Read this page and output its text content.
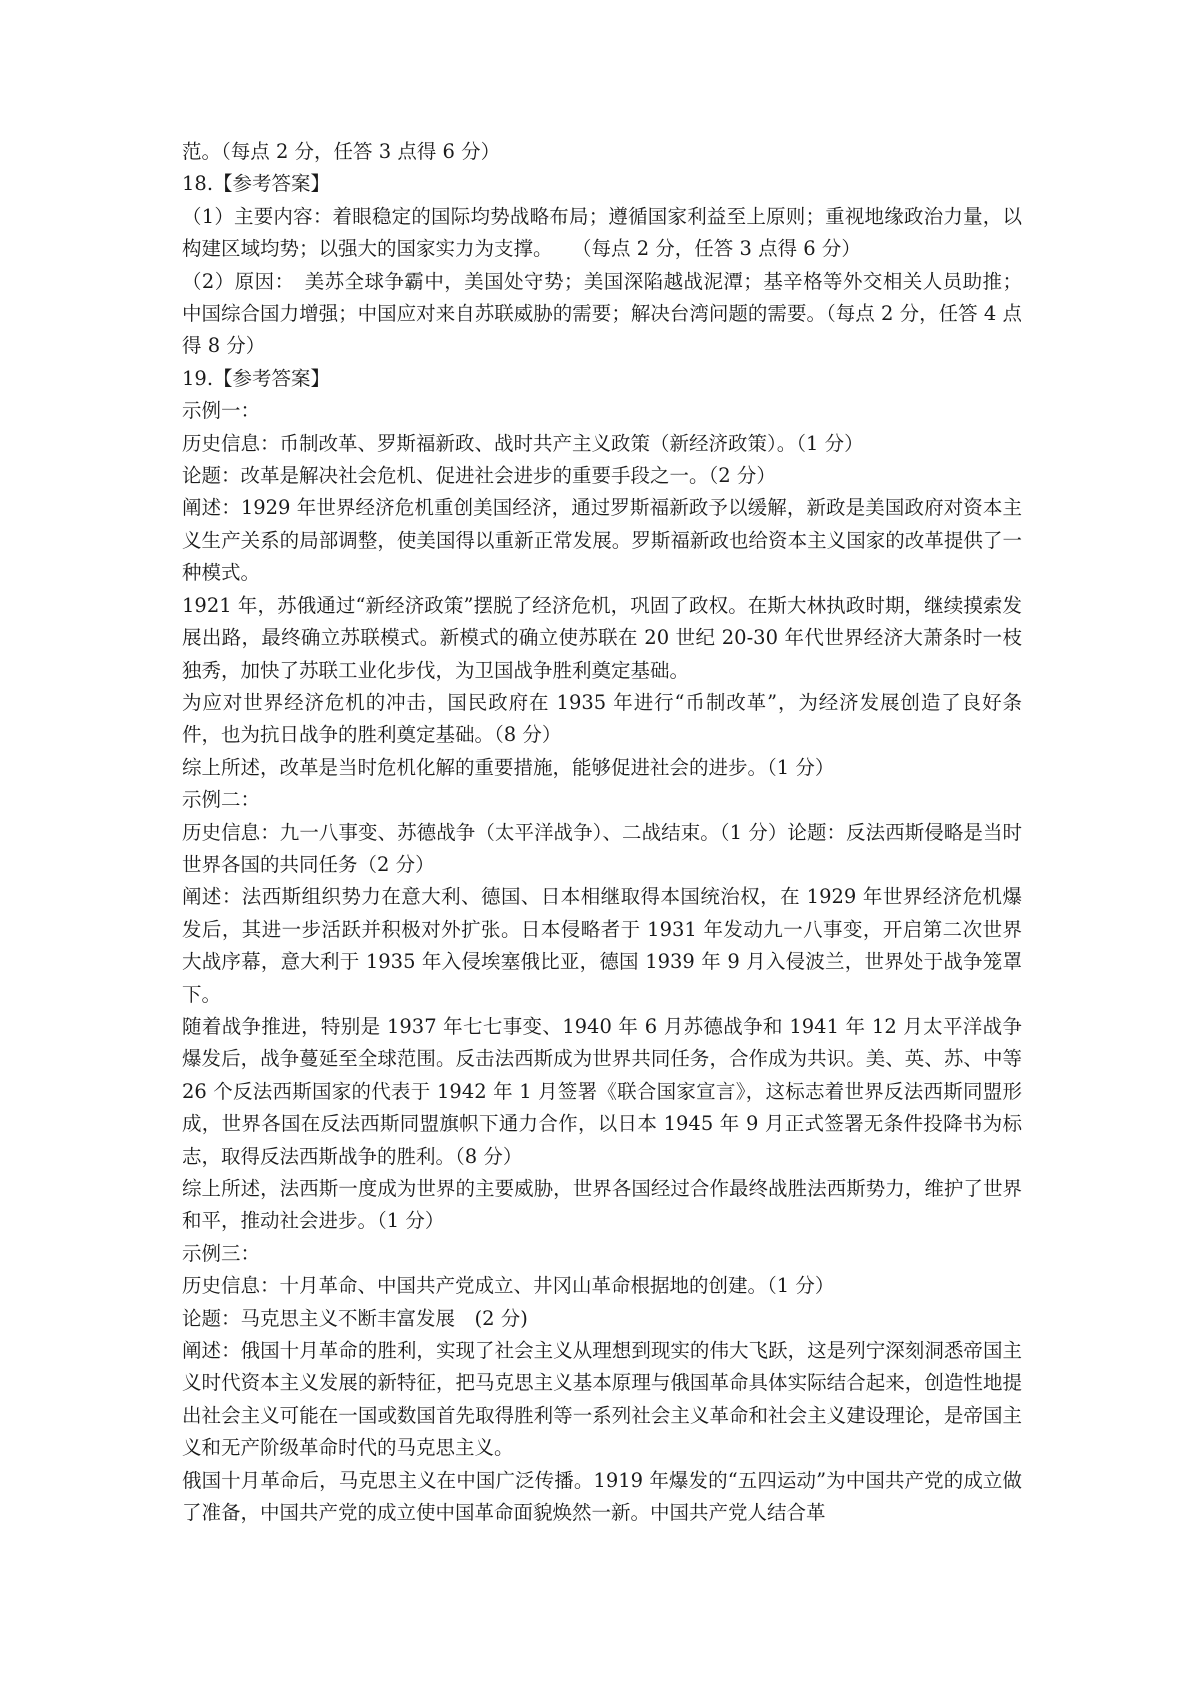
范。（每点 2 分，任答 3 点得 6 分）

18.【参考答案】

（1）主要内容：着眼稳定的国际均势战略布局；遵循国家利益至上原则；重视地缘政治力量，以构建区域均势；以强大的国家实力为支撑。　　（每点 2 分，任答 3 点得 6 分）

（2）原因：　美苏全球争霸中，美国处守势；美国深陷越战泥潭；基辛格等外交相关人员助推；中国综合国力增强；中国应对来自苏联威胁的需要；解决台湾问题的需要。（每点 2 分，任答 4 点得 8 分）

19.【参考答案】

示例一：

历史信息：币制改革、罗斯福新政、战时共产主义政策（新经济政策）。（1 分）

论题：改革是解决社会危机、促进社会进步的重要手段之一。（2 分）

阐述：1929 年世界经济危机重创美国经济，通过罗斯福新政予以缓解，新政是美国政府对资本主义生产关系的局部调整，使美国得以重新正常发展。罗斯福新政也给资本主义国家的改革提供了一种模式。

1921 年，苏俄通过“新经济政策”摆脱了经济危机，巩固了政权。在斯大林执政时期，继续摸索发展出路，最终确立苏联模式。新模式的确立使苏联在 20 世纪 20-30 年代世界经济大萧条时一枝独秀，加快了苏联工业化步伐，为卫国战争胜利奠定基础。

为应对世界经济危机的冲击，国民政府在 1935 年进行“币制改革”，为经济发展创造了良好条件，也为抗日战争的胜利奠定基础。（8 分）

综上所述，改革是当时危机化解的重要措施，能够促进社会的进步。（1 分）

示例二：

历史信息：九一八事变、苏德战争（太平洋战争）、二战结束。（1 分）论题：反法西斯侵略是当时世界各国的共同任务（2 分）

阐述：法西斯组织势力在意大利、德国、日本相继取得本国统治权，在 1929 年世界经济危机爆发后，其进一步活跃并积极对外扩张。日本侵略者于 1931 年发动九一八事变，开启第二次世界大战序幕，意大利于 1935 年入侵埃塞俄比亚，德国 1939 年 9 月入侵波兰，世界处于战争笼罩下。

随着战争推进，特别是 1937 年七七事变、1940 年 6 月苏德战争和 1941 年 12 月太平洋战争爆发后，战争蔓延至全球范围。反击法西斯成为世界共同任务，合作成为共识。美、英、苏、中等 26 个反法西斯国家的代表于 1942 年 1 月签署《联合国家宣言》，这标志着世界反法西斯同盟形成，世界各国在反法西斯同盟旗帜下通力合作，以日本 1945 年 9 月正式签署无条件投降书为标志，取得反法西斯战争的胜利。（8 分）

综上所述，法西斯一度成为世界的主要威胁，世界各国经过合作最终战胜法西斯势力，维护了世界和平，推动社会进步。（1 分）

示例三：

历史信息：十月革命、中国共产党成立、井冈山革命根据地的创建。（1 分）

论题：马克思主义不断丰富发展　(2 分)

阐述：俄国十月革命的胜利，实现了社会主义从理想到现实的伟大飞跃，这是列宁深刻洞悉帝国主义时代资本主义发展的新特征，把马克思主义基本原理与俄国革命具体实际结合起来，创造性地提出社会主义可能在一国或数国首先取得胜利等一系列社会主义革命和社会主义建设理论，是帝国主义和无产阶级革命时代的马克思主义。

俄国十月革命后，马克思主义在中国广泛传播。1919 年爆发的“五四运动”为中国共产党的成立做了准备，中国共产党的成立使中国革命面貌焕然一新。中国共产党人结合革
